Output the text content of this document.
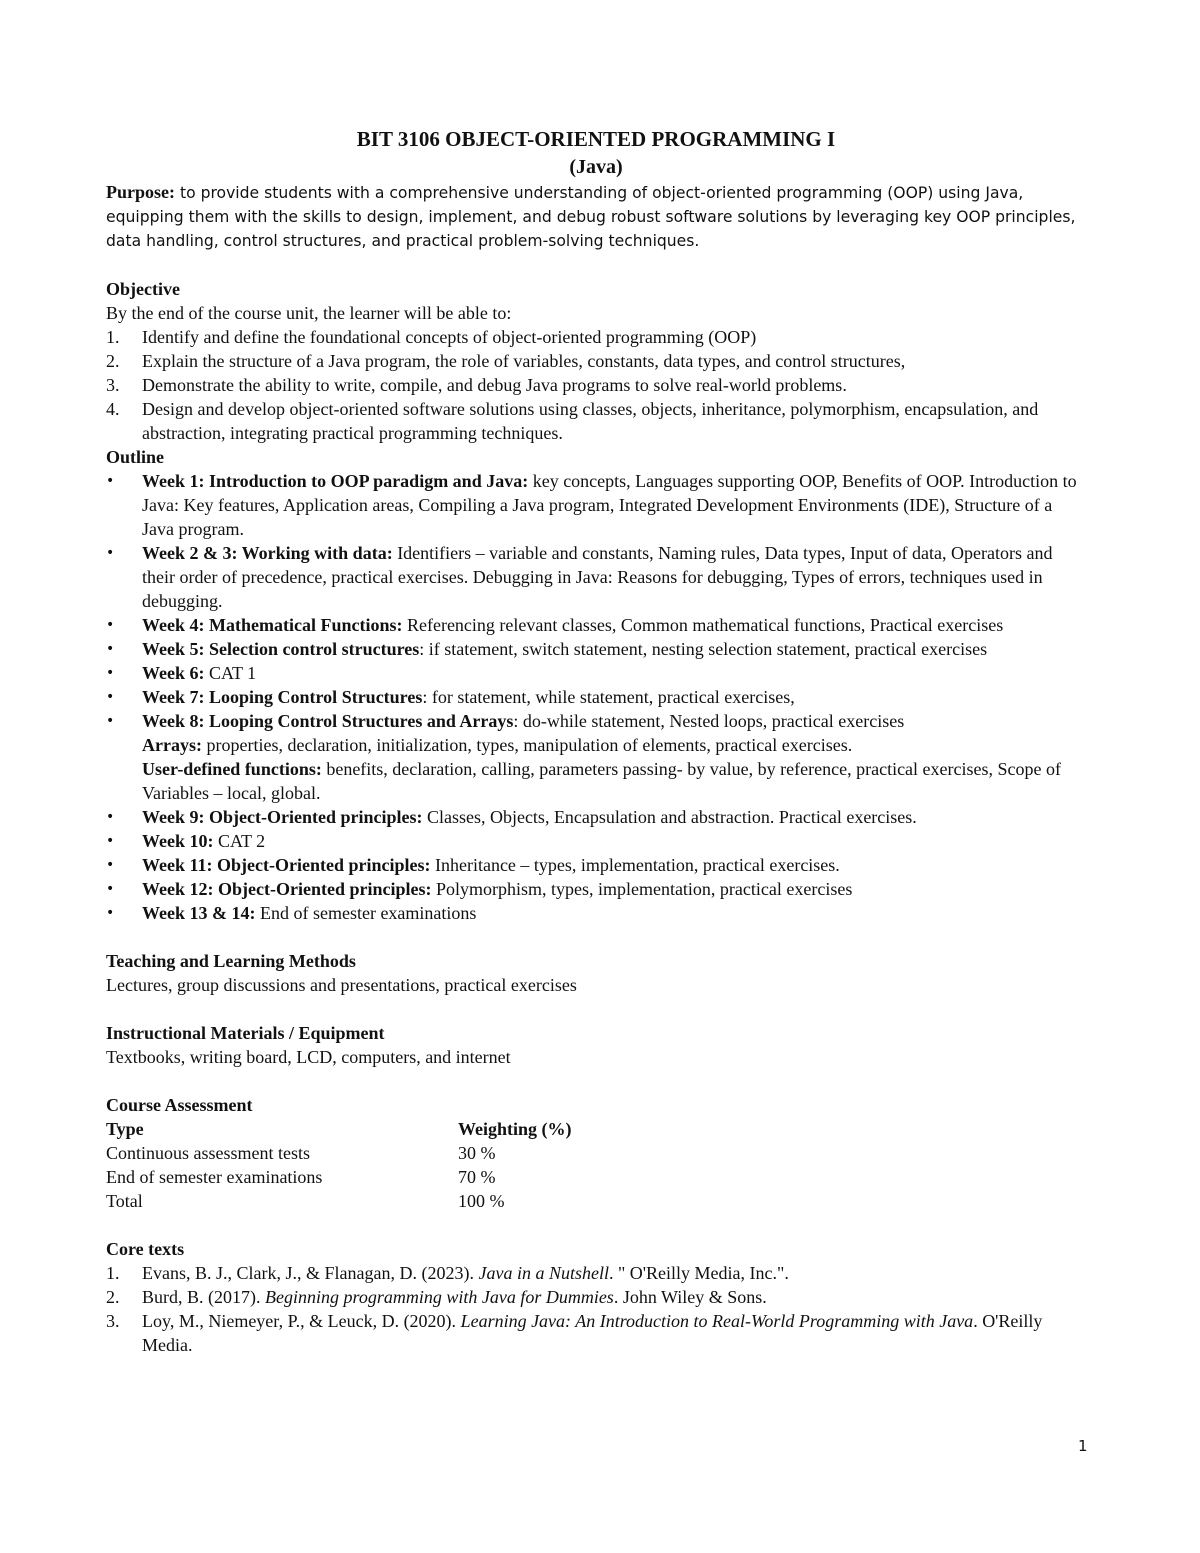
BIT 3106 OBJECT-ORIENTED PROGRAMMING I
(Java)

Purpose: to provide students with a comprehensive understanding of object-oriented programming (OOP) using Java, equipping them with the skills to design, implement, and debug robust software solutions by leveraging key OOP principles, data handling, control structures, and practical problem-solving techniques.

Objective

By the end of the course unit, the learner will be able to:

1. Identify and define the foundational concepts of object-oriented programming (OOP)
2. Explain the structure of a Java program, the role of variables, constants, data types, and control structures,
3. Demonstrate the ability to write, compile, and debug Java programs to solve real-world problems.
4. Design and develop object-oriented software solutions using classes, objects, inheritance, polymorphism, encapsulation, and abstraction, integrating practical programming techniques.

Outline

• Week 1: Introduction to OOP paradigm and Java: key concepts, Languages supporting OOP, Benefits of OOP. Introduction to Java: Key features, Application areas, Compiling a Java program, Integrated Development Environments (IDE), Structure of a Java program.
• Week 2 & 3: Working with data: Identifiers – variable and constants, Naming rules, Data types, Input of data, Operators and their order of precedence, practical exercises. Debugging in Java: Reasons for debugging, Types of errors, techniques used in debugging.
• Week 4: Mathematical Functions: Referencing relevant classes, Common mathematical functions, Practical exercises
• Week 5: Selection control structures: if statement, switch statement, nesting selection statement, practical exercises
• Week 6: CAT 1
• Week 7: Looping Control Structures: for statement, while statement, practical exercises,
• Week 8: Looping Control Structures and Arrays: do-while statement, Nested loops, practical exercises
Arrays: properties, declaration, initialization, types, manipulation of elements, practical exercises.
User-defined functions: benefits, declaration, calling, parameters passing- by value, by reference, practical exercises, Scope of Variables – local, global.
• Week 9: Object-Oriented principles: Classes, Objects, Encapsulation and abstraction. Practical exercises.
• Week 10: CAT 2
• Week 11: Object-Oriented principles: Inheritance – types, implementation, practical exercises.
• Week 12: Object-Oriented principles: Polymorphism, types, implementation, practical exercises
• Week 13 & 14: End of semester examinations

Teaching and Learning Methods

Lectures, group discussions and presentations, practical exercises

Instructional Materials / Equipment

Textbooks, writing board, LCD, computers, and internet

Course Assessment

Type	Weighting (%)
Continuous assessment tests	30 %
End of semester examinations	70 %
Total	100 %

Core texts

1. Evans, B. J., Clark, J., & Flanagan, D. (2023). Java in a Nutshell. " O'Reilly Media, Inc.".
2. Burd, B. (2017). Beginning programming with Java for Dummies. John Wiley & Sons.
3. Loy, M., Niemeyer, P., & Leuck, D. (2020). Learning Java: An Introduction to Real-World Programming with Java. O'Reilly Media.
1
